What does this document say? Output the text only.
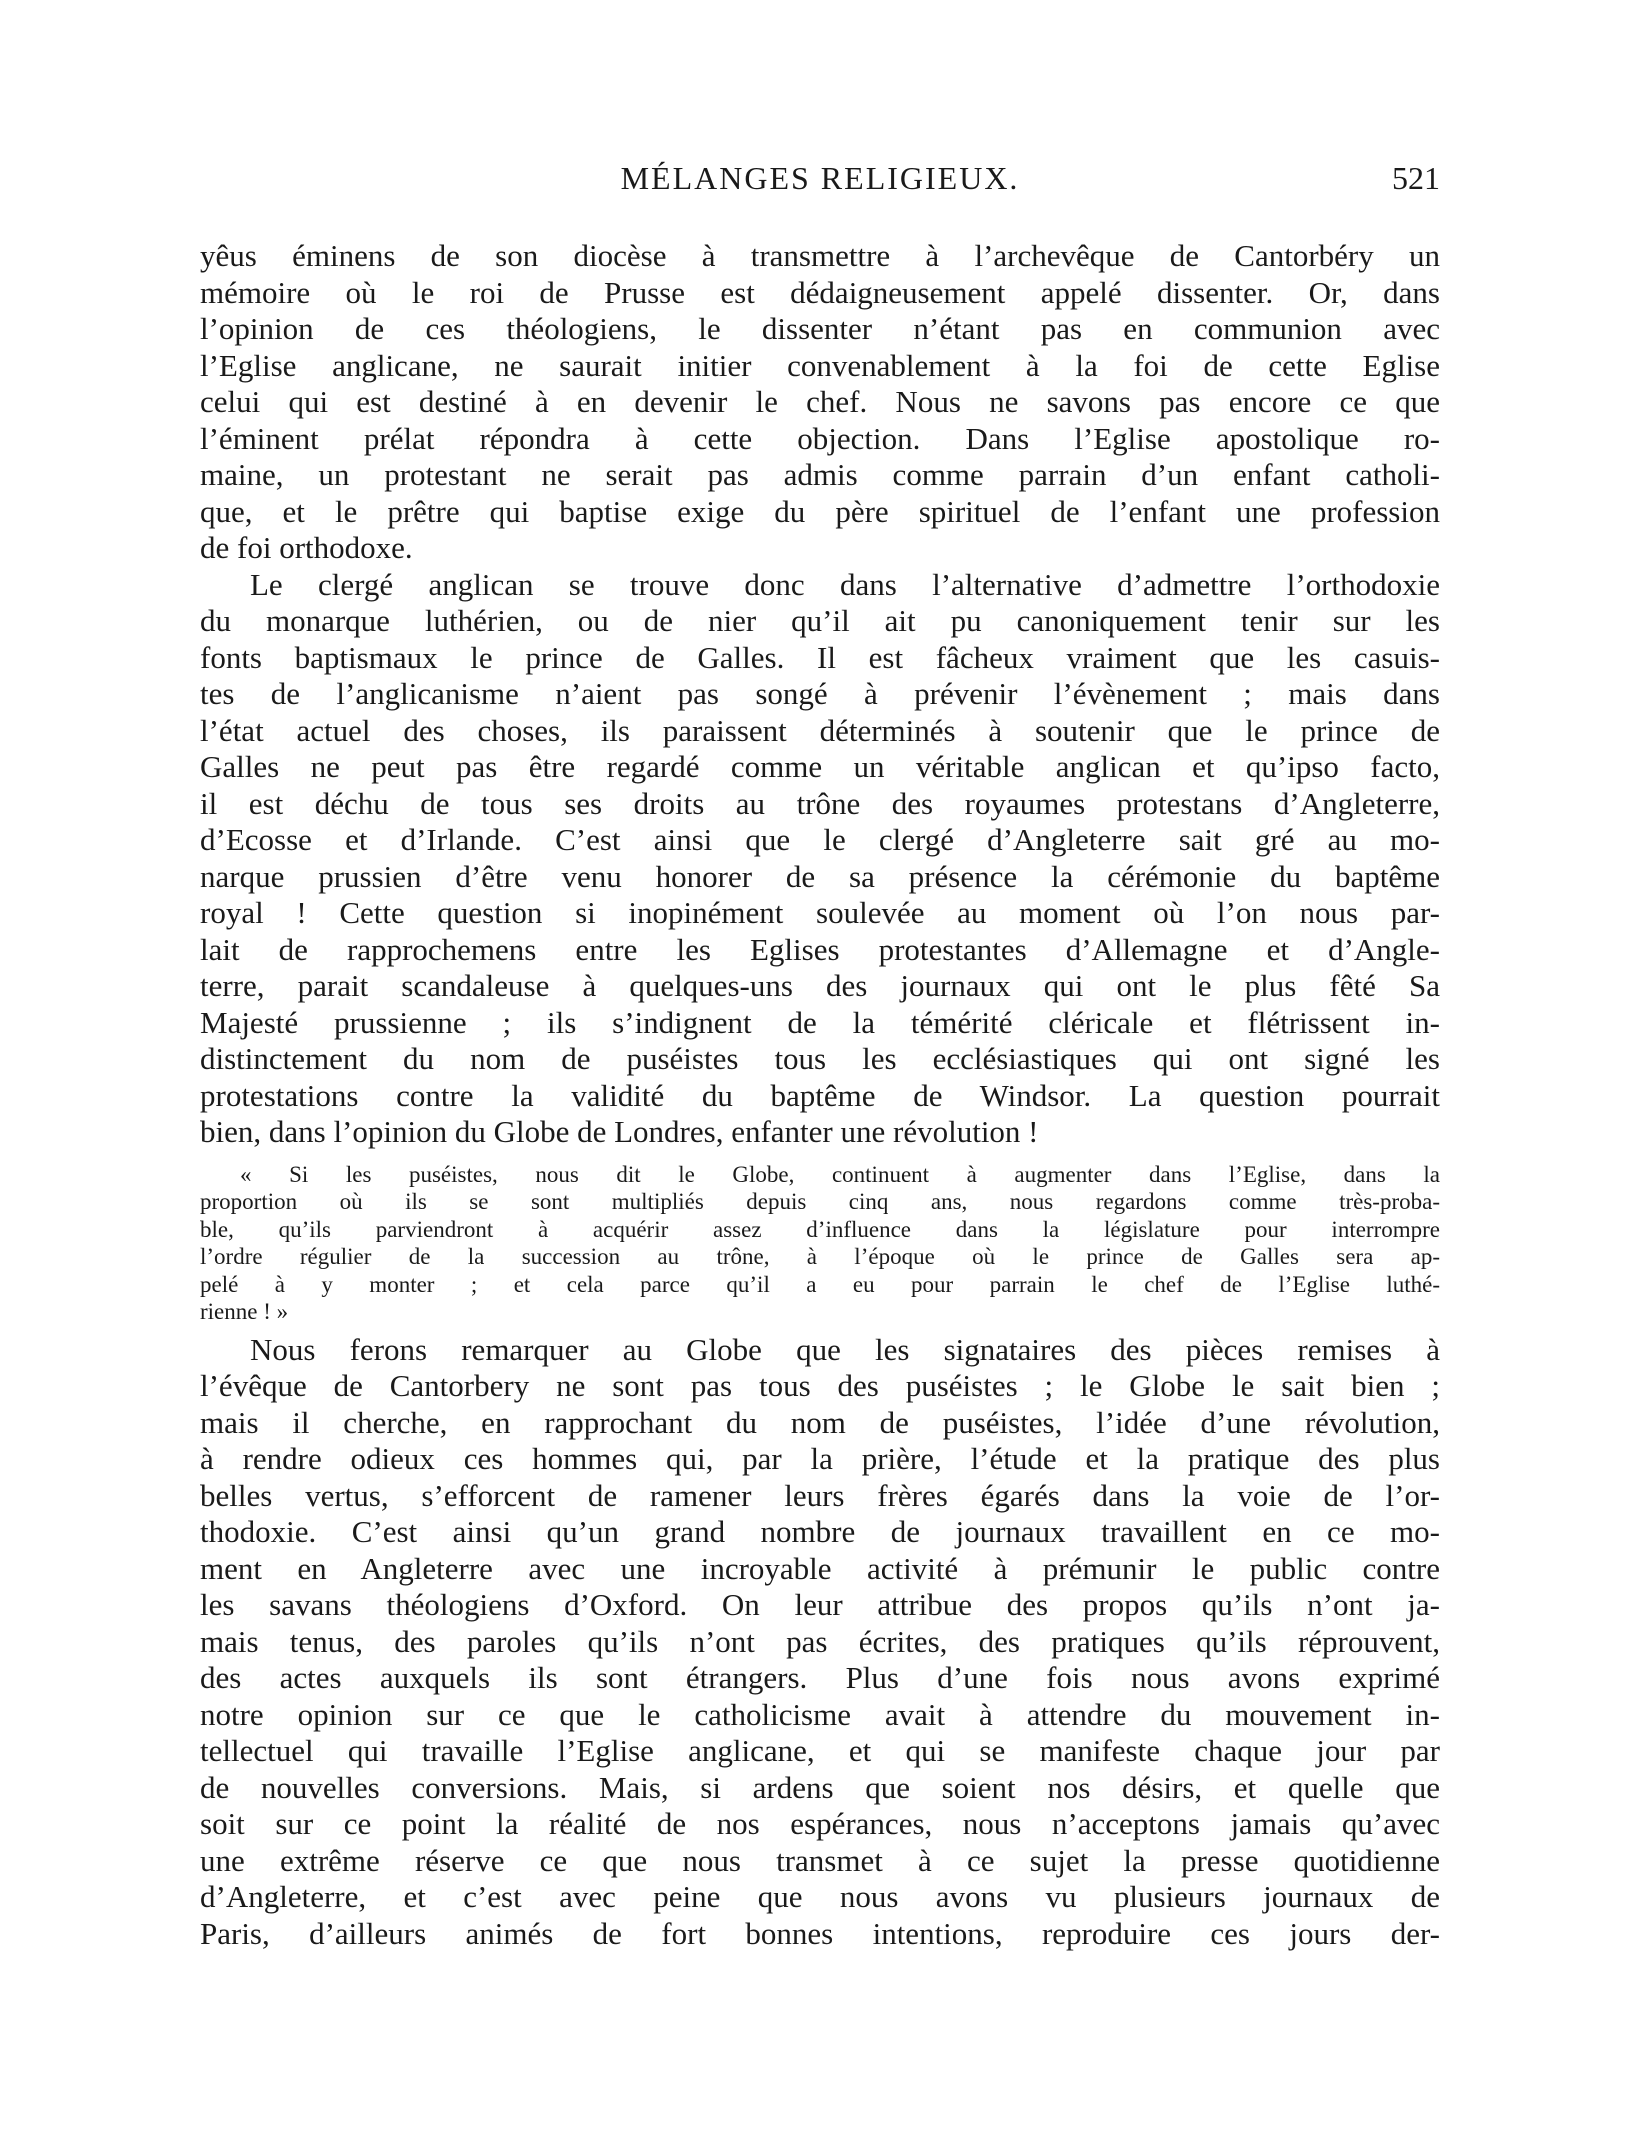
MÉLANGES RELIGIEUX.	521
yêus éminens de son diocèse à transmettre à l’archevêque de Cantorbéry un
mémoire où le roi de Prusse est dédaigneusement appelé dissenter. Or, dans
l’opinion de ces théologiens, le dissenter n’étant pas en communion avec
l’Eglise anglicane, ne saurait initier convenablement à la foi de cette Eglise
celui qui est destiné à en devenir le chef. Nous ne savons pas encore ce que
l’éminent prélat répondra à cette objection. Dans l’Eglise apostolique ro-
maine, un protestant ne serait pas admis comme parrain d’un enfant catholi-
que, et le prêtre qui baptise exige du père spirituel de l’enfant une profession
de foi orthodoxe.
Le clergé anglican se trouve donc dans l’alternative d’admettre l’orthodoxie
du monarque luthérien, ou de nier qu’il ait pu canoniquement tenir sur les
fonts baptismaux le prince de Galles. Il est fâcheux vraiment que les casuis-
tes de l’anglicanisme n’aient pas songé à prévenir l’évènement ; mais dans
l’état actuel des choses, ils paraissent déterminés à soutenir que le prince de
Galles ne peut pas être regardé comme un véritable anglican et qu’ipso facto,
il est déchu de tous ses droits au trône des royaumes protestans d’Angleterre,
d’Ecosse et d’Irlande. C’est ainsi que le clergé d’Angleterre sait gré au mo-
narque prussien d’être venu honorer de sa présence la cérémonie du baptême
royal ! Cette question si inopinément soulevée au moment où l’on nous par-
lait de rapprochemens entre les Eglises protestantes d’Allemagne et d’Angle-
terre, parait scandaleuse à quelques-uns des journaux qui ont le plus fêté Sa
Majesté prussienne ; ils s’indignent de la témérité cléricale et flétrissent in-
distinctement du nom de puséistes tous les ecclésiastiques qui ont signé les
protestations contre la validité du baptême de Windsor. La question pourrait
bien, dans l’opinion du Globe de Londres, enfanter une révolution !
« Si les puséistes, nous dit le Globe, continuent à augmenter dans l’Eglise, dans la
proportion où ils se sont multipliés depuis cinq ans, nous regardons comme très-proba-
ble, qu’ils parviendront à acquérir assez d’influence dans la législature pour interrompre
l’ordre régulier de la succession au trône, à l’époque où le prince de Galles sera ap-
pelé à y monter ; et cela parce qu’il a eu pour parrain le chef de l’Eglise luthé-
rienne ! »
Nous ferons remarquer au Globe que les signataires des pièces remises à
l’évêque de Cantorbery ne sont pas tous des puséistes ; le Globe le sait bien ;
mais il cherche, en rapprochant du nom de puséistes, l’idée d’une révolution,
à rendre odieux ces hommes qui, par la prière, l’étude et la pratique des plus
belles vertus, s’efforcent de ramener leurs frères égarés dans la voie de l’or-
thodoxie. C’est ainsi qu’un grand nombre de journaux travaillent en ce mo-
ment en Angleterre avec une incroyable activité à prémunir le public contre
les savans théologiens d’Oxford. On leur attribue des propos qu’ils n’ont ja-
mais tenus, des paroles qu’ils n’ont pas écrites, des pratiques qu’ils réprouvent,
des actes auxquels ils sont étrangers. Plus d’une fois nous avons exprimé
notre opinion sur ce que le catholicisme avait à attendre du mouvement in-
tellectuel qui travaille l’Eglise anglicane, et qui se manifeste chaque jour par
de nouvelles conversions. Mais, si ardens que soient nos désirs, et quelle que
soit sur ce point la réalité de nos espérances, nous n’acceptons jamais qu’avec
une extrême réserve ce que nous transmet à ce sujet la presse quotidienne
d’Angleterre, et c’est avec peine que nous avons vu plusieurs journaux de
Paris, d’ailleurs animés de fort bonnes intentions, reproduire ces jours der-
